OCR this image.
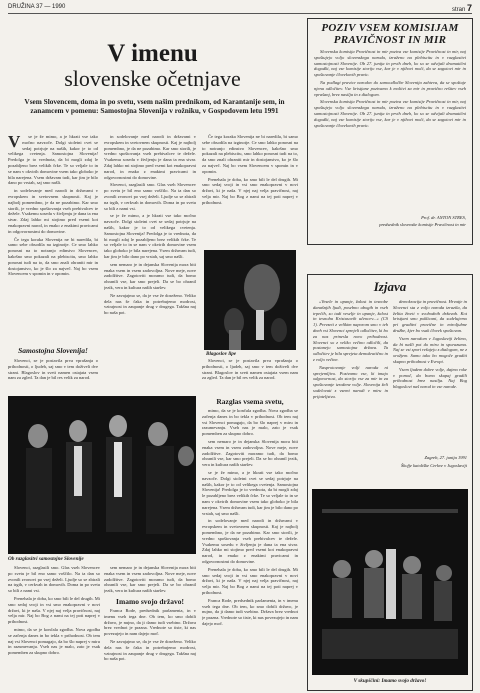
DRUŽINA 37 — 1990	stran 7
V imenu
slovenske očetnjave
Vsem Slovencem, doma in po svetu, vsem našim prednikom, od Karantanije sem, in zanamcem v pomenu: Samostojna Slovenija v rožniku, v Gospodovem letu 1991
V	se je že mimo, a je hkrati vse tako močno navzoče. Dolgi stoletni cvet se sedaj potrjuje na naših, kakor je to od velikega cvetenja. Samostojna Slovenija! Predolga je to vrednota, da bi mogli zdaj le pozabljeno brez velikih črke. Te so veljale to in se nam v okvirih domovine vsem tako globoko je bila narejena. Vsem državam tudi, kar jim je bilo dano po vrstah, saj smo našli.

in sodelovanje med narodi in državami v evropskem in svetovnem skupnosti. Kaj je najbolj pomembno, je da ne pozabimo. Kar smo storili, je vredno spoštovanja vseh prebivalcev te dežele. Vsakemu sosedu v življenju je dana ta ena stvar. Zdaj lahko mi stojimo pred vsemi kot enakopravni narod, in enako z enakimi pravicami in odgovornostmi do domovine.

Če tega koraka Slovenija ne bi naredila, bi samo sebe obsodila na izginotje. Ce smo lahko ponosni na to notranjo edinstvo Slovencev, kakršno smo pokazali na plebiscitu, smo lahko ponosni tudi na to, da smo znali ohraniti mir in dostojanstvo, ko je šlo za največ. Naj bo vsem Slovencem v spomin in v opomin.

Samostojna Slovenija!

Slovenci, se je postavila prva vprašanja o prihodnosti, o ljudeh, saj smo v tem doživeli dve strani. Blagoslov in sveti namen ostajata vsem nam za zgled. Ta dan je bil res velik za narod.

in sodelovanje med narodi in državami v evropskem in svetovnem skupnosti. Kaj je najbolj pomembno, je da ne pozabimo. Kar smo storili, je vredno spoštovanja vseh prebivalcev te dežele. Vsakemu sosedu v življenju je dana ta ena stvar. Zdaj lahko mi stojimo pred vsemi kot enakopravni narod, in enako z enakimi pravicami in odgovornostmi do domovine.

Slovenci, razglasili smo. Glas vseh Slovencev po svetu je bil eno samo voščilo. Na ta dan so zvonili zvonovi po vsej deželi. Ljudje so se zbirali na trgih, v cerkvah in domovih. Doma in po svetu so bili z nami vsi.

se je že mimo, a je hkrati vse tako močno navzoče. Dolgi stoletni cvet se sedaj potrjuje na naših, kakor je to od velikega cvetenja. Samostojna Slovenija! Predolga je to vrednota, da bi mogli zdaj le pozabljeno brez velikih črke. Te so veljale to in se nam v okvirih domovine vsem tako globoko je bila narejena. Vsem državam tudi, kar jim je bilo dano po vrstah, saj smo našli.

sem nemaro je in dejanska Slovenija mora biti enaka vsem in vsem zadovoljna. Nove meje, nove zadolžitve. Zagotoviti moramo tudi, da bomo ohranili vse, kar smo prejeli. Da se bo ohranil jezik, vera in kultura naših staršev.

Ne zavajajmo se, da je vse že doseženo. Veliko dela nas še čaka in potrebujemo modrost, vztrajnost in zaupanje drug v drugega. Takšna naj bo naša pot.

Če tega koraka Slovenija ne bi naredila, bi samo sebe obsodila na izginotje. Ce smo lahko ponosni na to notranjo edinstvo Slovencev, kakršno smo pokazali na plebiscitu, smo lahko ponosni tudi na to, da smo znali ohraniti mir in dostojanstvo, ko je šlo za največ. Naj bo vsem Slovencem v spomin in v opomin.

Prenehala je doba, ko smo bili le del drugih. Mi smo sedaj svoji in vsi smo enakopravni v novi državi, ki je naša. V njej naj velja pravičnost, naj velja mir. Naj bo Bog z nami na tej poti naprej v prihodnost.

Blagoslov lipe

Slovenci, se je postavila prva vprašanja o prihodnosti, o ljudeh, saj smo v tem doživeli dve strani. Blagoslov in sveti namen ostajata vsem nam za zgled. Ta dan je bil res velik za narod.

Ob razglasitvi samostojne Slovenije

Slovenci, razglasili smo. Glas vseh Slovencev po svetu je bil eno samo voščilo. Na ta dan so zvonili zvonovi po vsej deželi. Ljudje so se zbirali na trgih, v cerkvah in domovih. Doma in po svetu so bili z nami vsi.

Prenehala je doba, ko smo bili le del drugih. Mi smo sedaj svoji in vsi smo enakopravni v novi državi, ki je naša. V njej naj velja pravičnost, naj velja mir. Naj bo Bog z nami na tej poti naprej v prihodnost.

mimo, da se je končala zgodba. Nova zgodba se začenja danes in bo tekla v prihodnost. Ob tem naj vsi Slovenci pomagajo, da bo šlo naprej v miru in razumevanju. Vseh nas je malo, zato je vsak pomemben za skupno dobro.

sem nemaro je in dejanska Slovenija mora biti enaka vsem in vsem zadovoljna. Nove meje, nove zadolžitve. Zagotoviti moramo tudi, da bomo ohranili vse, kar smo prejeli. Da se bo ohranil jezik, vera in kultura naših staršev.

Imamo svojo državo!

Franca Rode, predsednik parlamenta, in v imenu vseh tega dne. Ob tem, ko smo dobili državo, je nujno, da ji damo tudi vsebino. Država brez vrednot je prazna. Vrednote so tiste, ki nas povezujejo in nam dajejo moč.

Ne zavajajmo se, da je vse že doseženo. Veliko dela nas še čaka in potrebujemo modrost, vztrajnost in zaupanje drug v drugega. Takšna naj bo naša pot.

Razglas vsema svetu,

mimo, da se je končala zgodba. Nova zgodba se začenja danes in bo tekla v prihodnost. Ob tem naj vsi Slovenci pomagajo, da bo šlo naprej v miru in razumevanju. Vseh nas je malo, zato je vsak pomemben za skupno dobro.

sem nemaro je in dejanska Slovenija mora biti enaka vsem in vsem zadovoljna. Nove meje, nove zadolžitve. Zagotoviti moramo tudi, da bomo ohranili vse, kar smo prejeli. Da se bo ohranil jezik, vera in kultura naših staršev.

se je že mimo, a je hkrati vse tako močno navzoče. Dolgi stoletni cvet se sedaj potrjuje na naših, kakor je to od velikega cvetenja. Samostojna Slovenija! Predolga je to vrednota, da bi mogli zdaj le pozabljeno brez velikih črke. Te so veljale to in se nam v okvirih domovine vsem tako globoko je bila narejena. Vsem državam tudi, kar jim je bilo dano po vrstah, saj smo našli.

in sodelovanje med narodi in državami v evropskem in svetovnem skupnosti. Kaj je najbolj pomembno, je da ne pozabimo. Kar smo storili, je vredno spoštovanja vseh prebivalcev te dežele. Vsakemu sosedu v življenju je dana ta ena stvar. Zdaj lahko mi stojimo pred vsemi kot enakopravni narod, in enako z enakimi pravicami in odgovornostmi do domovine.

Prenehala je doba, ko smo bili le del drugih. Mi smo sedaj svoji in vsi smo enakopravni v novi državi, ki je naša. V njej naj velja pravičnost, naj velja mir. Naj bo Bog z nami na tej poti naprej v prihodnost.

Franca Rode, predsednik parlamenta, in v imenu vseh tega dne. Ob tem, ko smo dobili državo, je nujno, da ji damo tudi vsebino. Država brez vrednot je prazna. Vrednote so tiste, ki nas povezujejo in nam dajejo moč.

POZIV VSEM KOMISIJAM
PRAVIČNOST IN MIR

Slovenska komisija Pravičnost in mir poziva vse komisije Pravičnost in mir, naj spoštujejo voljo slovenskega naroda, izraženo na plebiscitu in v razglasitvi samostojnosti Slovenije. Ob 27. junija in prvih dneh, ko so se odvijali dramatični dogodki, naj vse komisije storijo vse, kar je v njihovi moči, da se zagotovi mir in spoštovanje človekovih pravic.

Na podlagi pravice narodov do samoodločbe Slovenija zahteva, da se spoštuje njena odločitev. Vse kristjane pozivamo k molitvi za mir in pravično rešitev vseh vprašanj, brez nasilja in z dialogom.

Slovenska komisija Pravičnost in mir poziva vse komisije Pravičnost in mir, naj spoštujejo voljo slovenskega naroda, izraženo na plebiscitu in v razglasitvi samostojnosti Slovenije. Ob 27. junija in prvih dneh, ko so se odvijali dramatični dogodki, naj vse komisije storijo vse, kar je v njihovi moči, da se zagotovi mir in spoštovanje človekovih pravic.

Prof. dr. ANTON STRES,
predsednik slovenske komisije Pravičnost in mir
Izjava

»Vesele in upanje, žalost in tesnobe današnjih ljudi, posebno ubogih in vseh trpečih, so tudi veselje in upanje, žalost in tesnoba Kristusovih učencev...« (CS 1). Prevzeti z velikim naporom smo v teh dneh vsi Slovenci sprejeli odločitev, ki bo za nas prinesla novo prihodnost. Slovenci so z veliko večino odločili, da postanejo samostojna država. Ta odločitev je bila sprejeta demokratično in z voljo večine.

Nasprotovanje volji naroda ni sprejemljivo. Pozivamo vse, ki imajo odgovornost, da storijo vse za mir in za spoštovanje izražene volje. Slovenija želi sodelovati z vsemi narodi v miru in prijateljstvu.

demokracija in pravičnost. Hrvatje in Slovenci sta z voljo naroda izrazila, da želita živeti v svobodnih državah. Kot kristjani smo poklicani, da sodelujemo pri graditvi pravične in miroljubne družbe, kjer bo vsak človek spoštovan.

Vsem narodom v Jugoslaviji želimo, da bi našli pot do miru in sporazuma. Naj se vsi spori rešujejo z dialogom, ne z orožjem. Samo tako bo mogoče graditi skupno prihodnost v Evropi.

Vsem ljudem dobre volje, dajmo roke v pomoč, da bomo skupaj gradili prihodnost brez nasilja. Naj Bog blagoslovi naš narod in vse narode.

Zagreb, 27. junija 1991
Škofje katoliške Cerkve v Jugoslaviji
V skupščini: Imamo svojo državo!
